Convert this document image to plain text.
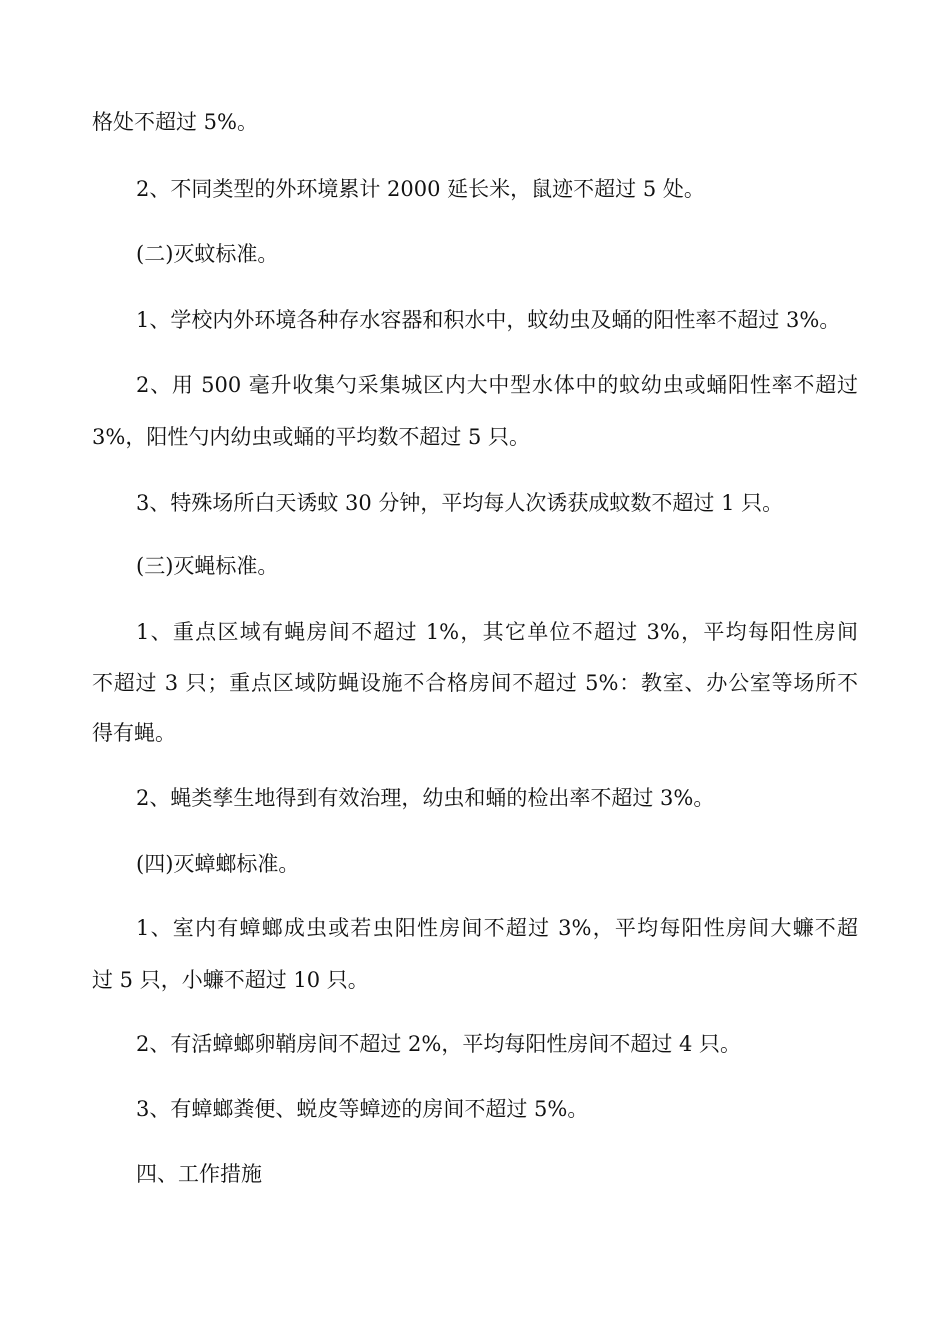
格处不超过 5%。
2、不同类型的外环境累计 2000 延长米，鼠迹不超过 5 处。
(二)灭蚊标准。
1、学校内外环境各种存水容器和积水中，蚊幼虫及蛹的阳性率不超过 3%。
2、用 500 毫升收集勺采集城区内大中型水体中的蚊幼虫或蛹阳性率不超过
3%，阳性勺内幼虫或蛹的平均数不超过 5 只。
3、特殊场所白天诱蚊 30 分钟，平均每人次诱获成蚊数不超过 1 只。
(三)灭蝇标准。
1、重点区域有蝇房间不超过 1%，其它单位不超过 3%，平均每阳性房间
不超过 3 只；重点区域防蝇设施不合格房间不超过 5%：教室、办公室等场所不
得有蝇。
2、蝇类孳生地得到有效治理，幼虫和蛹的检出率不超过 3%。
(四)灭蟑螂标准。
1、室内有蟑螂成虫或若虫阳性房间不超过 3%，平均每阳性房间大蠊不超
过 5 只，小蠊不超过 10 只。
2、有活蟑螂卵鞘房间不超过 2%，平均每阳性房间不超过 4 只。
3、有蟑螂粪便、蜕皮等蟑迹的房间不超过 5%。
四、工作措施
